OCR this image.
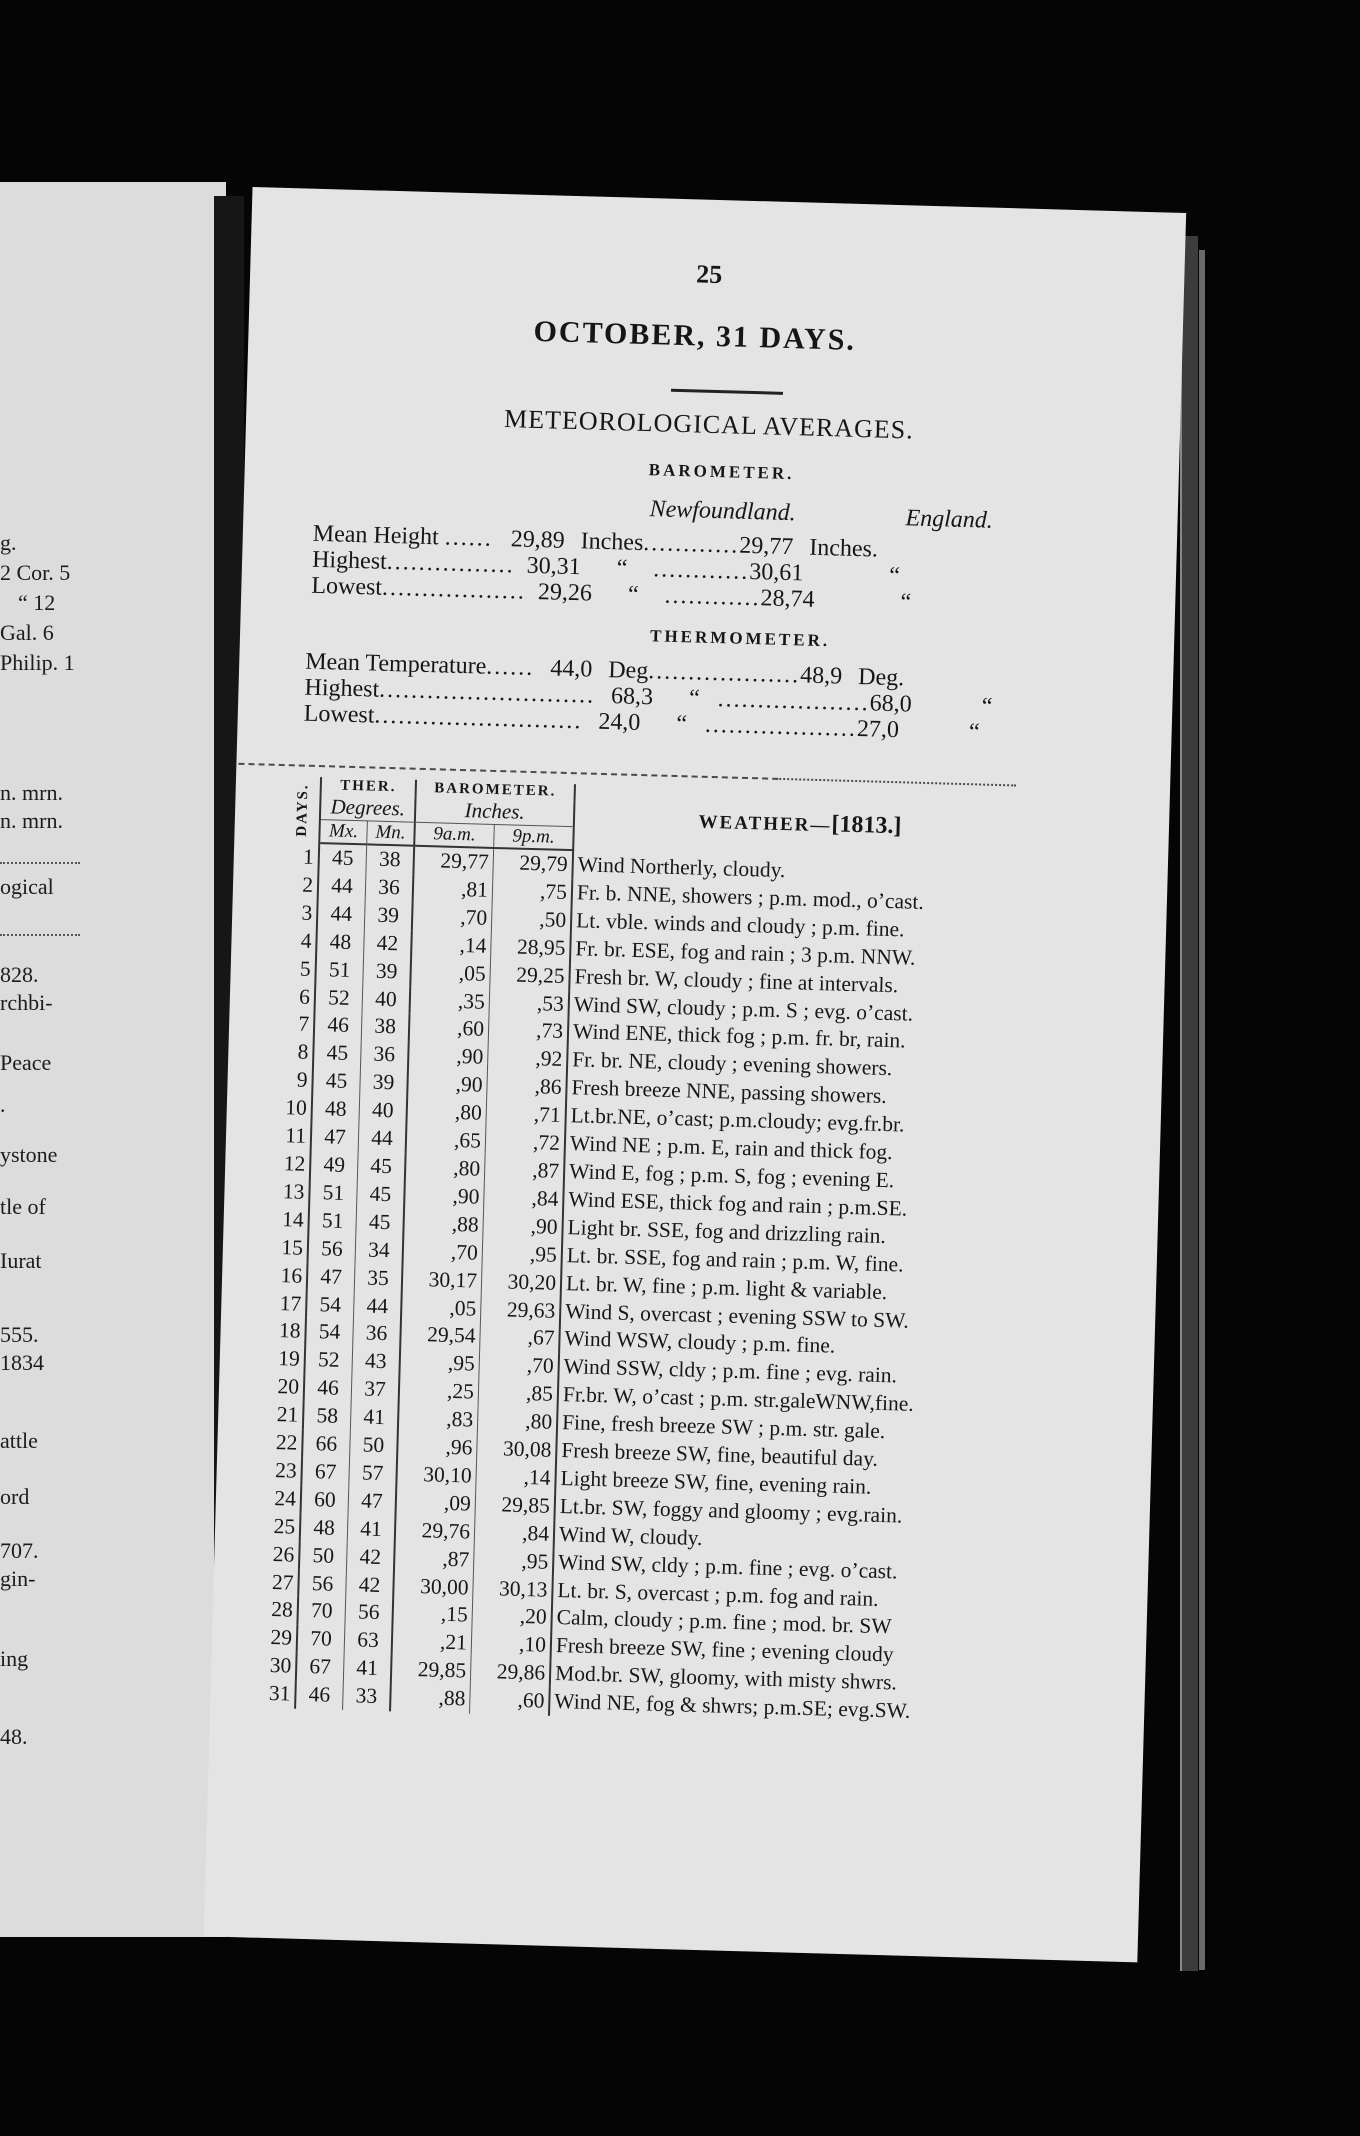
g.
2 Cor. 5
“ 12
Gal. 6
Philip. 1
n. mrn.
n. mrn.
ogical
828.
rchbi-
Peace
.
ystone
tle of
Iurat
555.
1834
attle
ord
707.
gin-
ing
48.
25
OCTOBER, 31 DAYS.
METEOROLOGICAL AVERAGES.
BAROMETER.
Newfoundland.	England.
Mean Height ...... 29,89 Inches............29,77 Inches.
Highest................ 30,31 “ ............30,61	“
Lowest.................. 29,26 “ ............28,74	“
THERMOMETER.
Mean Temperature...... 44,0 Deg...................48,9 Deg.
Highest........................... 68,3 “ ...................68,0	“
Lowest.......................... 24,0 “ ...................27,0	“
DAYS.	THER.		BAROMETER.		WEATHER—[1813.]
	Degrees.		Inches.		
	Mx.	Mn.	9a.m.	9p.m.	
1	45	38	29,77	29,79	Wind Northerly, cloudy.
2	44	36	,81	,75	Fr. b. NNE, showers ; p.m. mod., o’cast.
3	44	39	,70	,50	Lt. vble. winds and cloudy ; p.m. fine.
4	48	42	,14	28,95	Fr. br. ESE, fog and rain ; 3 p.m. NNW.
5	51	39	,05	29,25	Fresh br. W, cloudy ; fine at intervals.
6	52	40	,35	,53	Wind SW, cloudy ; p.m. S ; evg. o’cast.
7	46	38	,60	,73	Wind ENE, thick fog ; p.m. fr. br, rain.
8	45	36	,90	,92	Fr. br. NE, cloudy ; evening showers.
9	45	39	,90	,86	Fresh breeze NNE, passing showers.
10	48	40	,80	,71	Lt.br.NE, o’cast; p.m.cloudy; evg.fr.br.
11	47	44	,65	,72	Wind NE ; p.m. E, rain and thick fog.
12	49	45	,80	,87	Wind E, fog ; p.m. S, fog ; evening E.
13	51	45	,90	,84	Wind ESE, thick fog and rain ; p.m.SE.
14	51	45	,88	,90	Light br. SSE, fog and drizzling rain.
15	56	34	,70	,95	Lt. br. SSE, fog and rain ; p.m. W, fine.
16	47	35	30,17	30,20	Lt. br. W, fine ; p.m. light & variable.
17	54	44	,05	29,63	Wind S, overcast ; evening SSW to SW.
18	54	36	29,54	,67	Wind WSW, cloudy ; p.m. fine.
19	52	43	,95	,70	Wind SSW, cldy ; p.m. fine ; evg. rain.
20	46	37	,25	,85	Fr.br. W, o’cast ; p.m. str.galeWNW,fine.
21	58	41	,83	,80	Fine, fresh breeze SW ; p.m. str. gale.
22	66	50	,96	30,08	Fresh breeze SW, fine, beautiful day.
23	67	57	30,10	,14	Light breeze SW, fine, evening rain.
24	60	47	,09	29,85	Lt.br. SW, foggy and gloomy ; evg.rain.
25	48	41	29,76	,84	Wind W, cloudy.
26	50	42	,87	,95	Wind SW, cldy ; p.m. fine ; evg. o’cast.
27	56	42	30,00	30,13	Lt. br. S, overcast ; p.m. fog and rain.
28	70	56	,15	,20	Calm, cloudy ; p.m. fine ; mod. br. SW
29	70	63	,21	,10	Fresh breeze SW, fine ; evening cloudy
30	67	41	29,85	29,86	Mod.br. SW, gloomy, with misty shwrs.
31	46	33	,88	,60	Wind NE, fog & shwrs; p.m.SE; evg.SW.
